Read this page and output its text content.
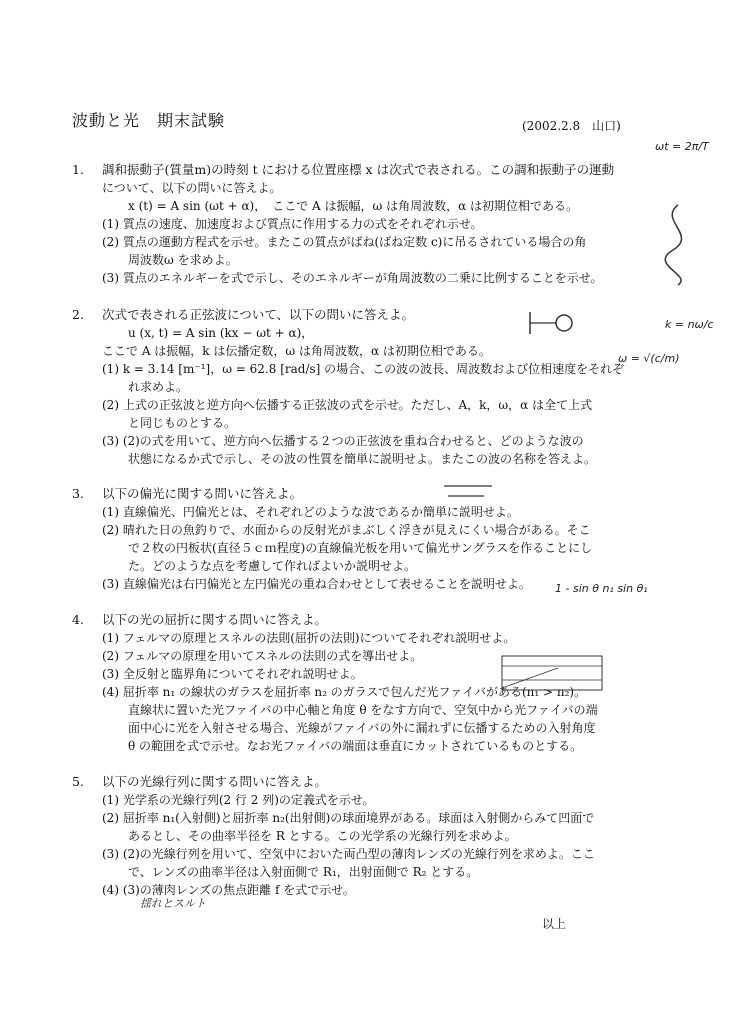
波動と光　期末試験	(2002.2.8　山口)
1. 調和振動子(質量m)の時刻 t における位置座標 x は次式で表される。この調和振動子の運動
について、以下の問いに答えよ。
x (t) = A sin (ωt + α)，　ここで A は振幅，ω は角周波数，α は初期位相である。
(1) 質点の速度、加速度および質点に作用する力の式をそれぞれ示せ。
(2) 質点の運動方程式を示せ。またこの質点がばね(ばね定数 c)に吊るされている場合の角
周波数ω を求めよ。
(3) 質点のエネルギーを式で示し、そのエネルギーが角周波数の二乗に比例することを示せ。
2. 次式で表される正弦波について、以下の問いに答えよ。
u (x, t) = A sin (kx − ωt + α)，
ここで A は振幅，k は伝播定数，ω は角周波数，α は初期位相である。
(1) k = 3.14 [m⁻¹]，ω = 62.8 [rad/s] の場合、この波の波長、周波数および位相速度をそれぞ
れ求めよ。
(2) 上式の正弦波と逆方向へ伝播する正弦波の式を示せ。ただし、A，k，ω，α は全て上式
と同じものとする。
(3) (2)の式を用いて、逆方向へ伝播する２つの正弦波を重ね合わせると、どのような波の
状態になるか式で示し、その波の性質を簡単に説明せよ。またこの波の名称を答えよ。
3. 以下の偏光に関する問いに答えよ。
(1) 直線偏光、円偏光とは、それぞれどのような波であるか簡単に説明せよ。
(2) 晴れた日の魚釣りで、水面からの反射光がまぶしく浮きが見えにくい場合がある。そこ
で２枚の円板状(直径５ｃｍ程度)の直線偏光板を用いて偏光サングラスを作ることにし
た。どのような点を考慮して作ればよいか説明せよ。
(3) 直線偏光は右円偏光と左円偏光の重ね合わせとして表せることを説明せよ。
4. 以下の光の屈折に関する問いに答えよ。
(1) フェルマの原理とスネルの法則(屈折の法則)についてそれぞれ説明せよ。
(2) フェルマの原理を用いてスネルの法則の式を導出せよ。
(3) 全反射と臨界角についてそれぞれ説明せよ。
(4) 屈折率 n₁ の線状のガラスを屈折率 n₂ のガラスで包んだ光ファイバがある(n₁ > n₂)。
直線状に置いた光ファイバの中心軸と角度 θ をなす方向で、空気中から光ファイバの端
面中心に光を入射させる場合、光線がファイバの外に漏れずに伝播するための入射角度
θ の範囲を式で示せ。なお光ファイバの端面は垂直にカットされているものとする。
5. 以下の光線行列に関する問いに答えよ。
(1) 光学系の光線行列(2 行 2 列)の定義式を示せ。
(2) 屈折率 n₁(入射側)と屈折率 n₂(出射側)の球面境界がある。球面は入射側からみて凹面で
あるとし、その曲率半径を R とする。この光学系の光線行列を求めよ。
(3) (2)の光線行列を用いて、空気中においた両凸型の薄肉レンズの光線行列を求めよ。ここ
で、レンズの曲率半径は入射面側で R₁，出射面側で R₂ とする。
(4) (3)の薄肉レンズの焦点距離 f を式で示せ。
以上
ωt = 2π/T
k = nω/c
ω = √(c/m)
1 - sin θ n₁ sin θ₁
揺れとスルト
